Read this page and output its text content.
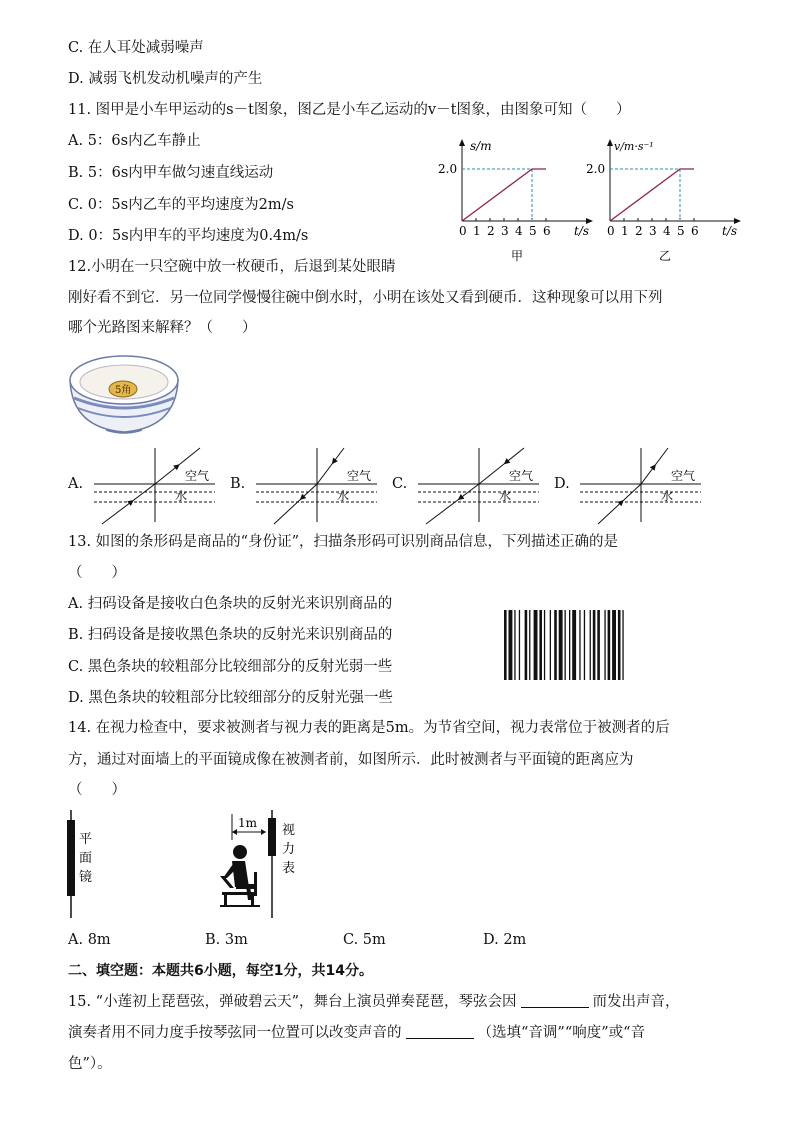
C. 在人耳处减弱噪声
D. 减弱飞机发动机噪声的产生
11. 图甲是小车甲运动的s－t图象，图乙是小车乙运动的v－t图象，由图象可知（　　）
A. 5：6s内乙车静止
B. 5：6s内甲车做匀速直线运动
C. 0：5s内乙车的平均速度为2m/s
D. 0：5s内甲车的平均速度为0.4m/s	0 1 2 3 4 5 6
s/m
2.0
t/s
甲
0 1 2 3 4 5 6
v/m·s⁻¹
2.0
t/s
乙
12.小明在一只空碗中放一枚硬币，后退到某处眼睛
刚好看不到它．另一位同学慢慢往碗中倒水时，小明在该处又看到硬币．这种现象可以用下列
哪个光路图来解释？（　　）
5角
A.	空气
水
B.	空气
水
C.	空气
水
D.	空气
水
13. 如图的条形码是商品的“身份证”，扫描条形码可识别商品信息，下列描述正确的是
（　　）
A. 扫码设备是接收白色条块的反射光来识别商品的
B. 扫码设备是接收黑色条块的反射光来识别商品的
C. 黑色条块的较粗部分比较细部分的反射光弱一些
D. 黑色条块的较粗部分比较细部分的反射光强一些
14. 在视力检查中，要求被测者与视力表的距离是5m。为节省空间，视力表常位于被测者的后
方，通过对面墙上的平面镜成像在被测者前，如图所示．此时被测者与平面镜的距离应为
（　　）
平
面
镜
视
力
表
1m
A. 8m	B. 3m	C. 5m	D. 2m
二、填空题：本题共6小题，每空1分，共14分。
15. “小莲初上琵琶弦，弹破碧云天”，舞台上演员弹奏琵琶，琴弦会因	而发出声音，
演奏者用不同力度手按琴弦同一位置可以改变声音的	（选填“音调”“响度”或“音
色”）。
